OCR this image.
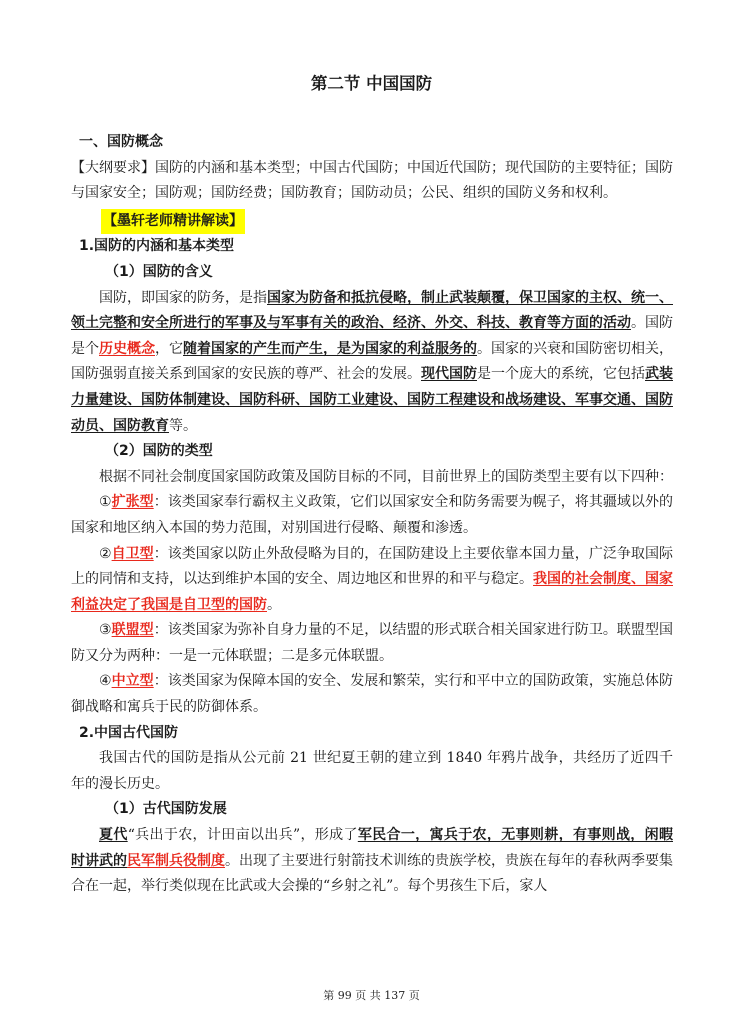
第二节 中国国防

一、国防概念

【大纲要求】国防的内涵和基本类型；中国古代国防；中国近代国防；现代国防的主要特征；国防与国家安全；国防观；国防经费；国防教育；国防动员；公民、组织的国防义务和权利。

【墨轩老师精讲解读】

1.国防的内涵和基本类型

（1）国防的含义

国防，即国家的防务，是指国家为防备和抵抗侵略，制止武装颠覆，保卫国家的主权、统一、领土完整和安全所进行的军事及与军事有关的政治、经济、外交、科技、教育等方面的活动。国防是个历史概念，它随着国家的产生而产生，是为国家的利益服务的。国家的兴衰和国防密切相关，国防强弱直接关系到国家的安民族的尊严、社会的发展。现代国防是一个庞大的系统，它包括武装力量建设、国防体制建设、国防科研、国防工业建设、国防工程建设和战场建设、军事交通、国防动员、国防教育等。

（2）国防的类型

根据不同社会制度国家国防政策及国防目标的不同，目前世界上的国防类型主要有以下四种：

①扩张型：该类国家奉行霸权主义政策，它们以国家安全和防务需要为幌子，将其疆域以外的国家和地区纳入本国的势力范围，对别国进行侵略、颠覆和渗透。

②自卫型：该类国家以防止外敌侵略为目的，在国防建设上主要依靠本国力量，广泛争取国际上的同情和支持，以达到维护本国的安全、周边地区和世界的和平与稳定。我国的社会制度、国家利益决定了我国是自卫型的国防。

③联盟型：该类国家为弥补自身力量的不足，以结盟的形式联合相关国家进行防卫。联盟型国防又分为两种：一是一元体联盟；二是多元体联盟。

④中立型：该类国家为保障本国的安全、发展和繁荣，实行和平中立的国防政策，实施总体防御战略和寓兵于民的防御体系。

2.中国古代国防

我国古代的国防是指从公元前 21 世纪夏王朝的建立到 1840 年鸦片战争，共经历了近四千年的漫长历史。

（1）古代国防发展

夏代“兵出于农，计田亩以出兵”，形成了军民合一，寓兵于农，无事则耕，有事则战，闲暇时讲武的民军制兵役制度。出现了主要进行射箭技术训练的贵族学校，贵族在每年的春秋两季要集合在一起，举行类似现在比武或大会操的“乡射之礼”。每个男孩生下后，家人

第 99 页 共 137 页
